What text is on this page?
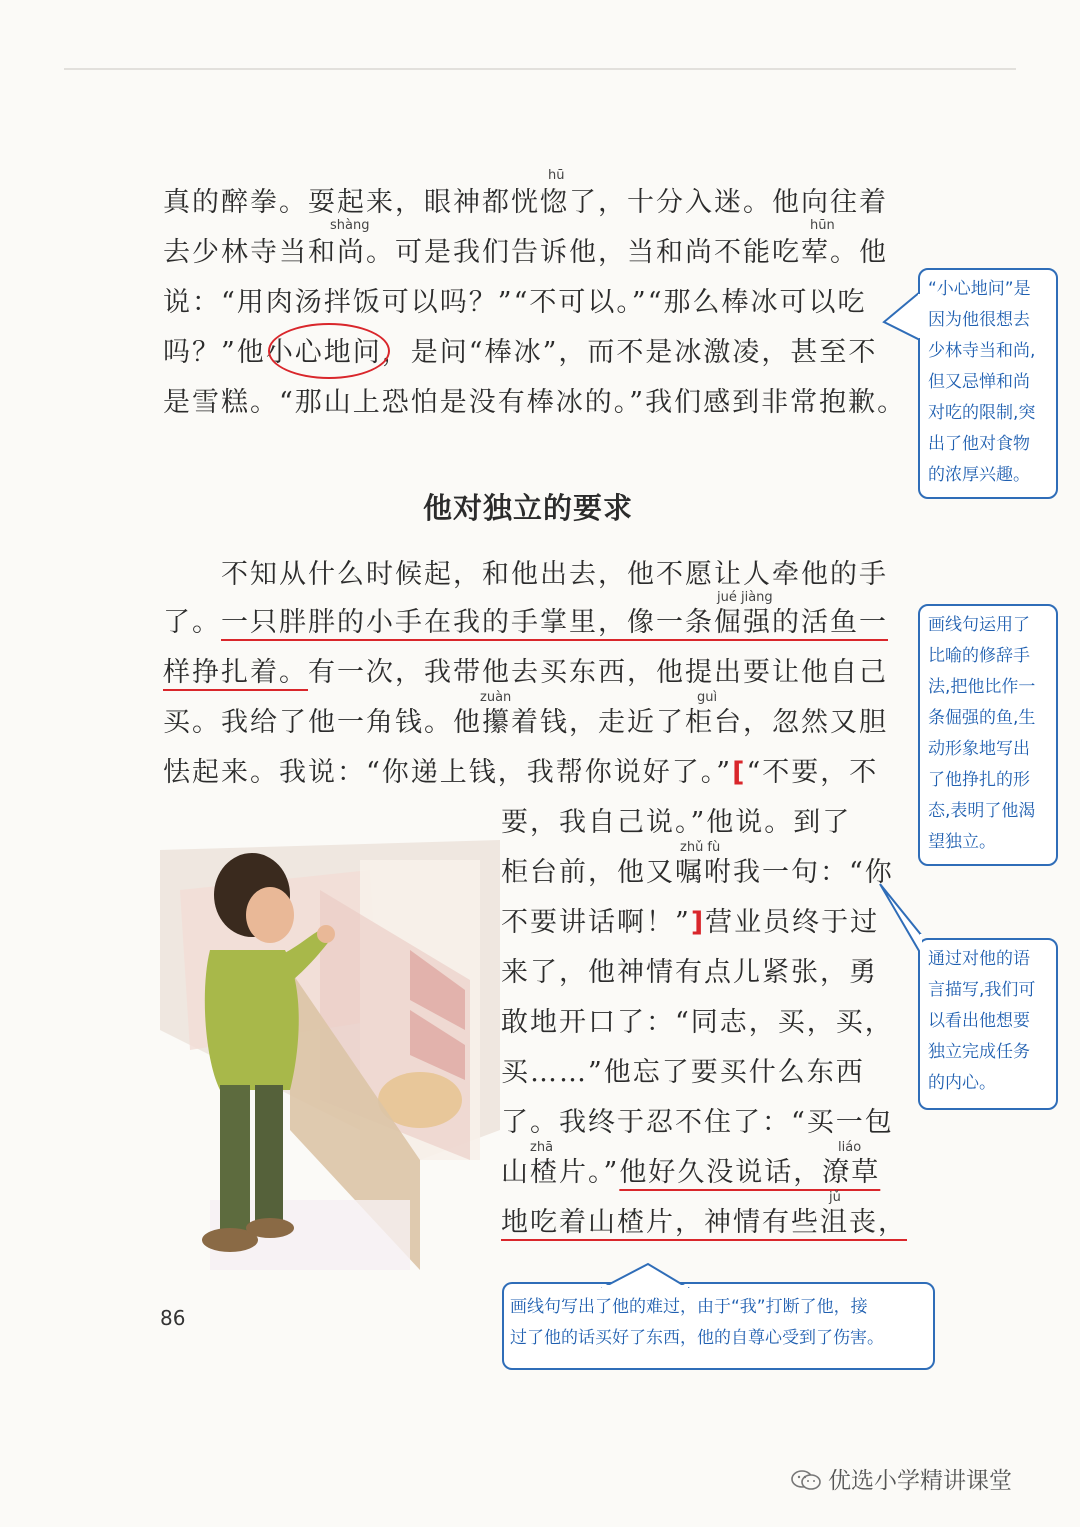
hū
真的醉拳。耍起来，眼神都恍惚了，十分入迷。他向往着
shàng	hūn
去少林寺当和尚。可是我们告诉他，当和尚不能吃荤。他
说：“用肉汤拌饭可以吗？”“不可以。”“那么棒冰可以吃
吗？”他小心地问，是问“棒冰”，而不是冰激凌，甚至不
是雪糕。“那山上恐怕是没有棒冰的。”我们感到非常抱歉。
他对独立的要求
不知从什么时候起，和他出去，他不愿让人牵他的手
jué jiàng
了。一只胖胖的小手在我的手掌里，像一条倔强的活鱼一
样挣扎着。有一次，我带他去买东西，他提出要让他自己
zuàn	guì
买。我给了他一角钱。他攥着钱，走近了柜台，忽然又胆
怯起来。我说：“你递上钱，我帮你说好了。”[“不要，不
要，我自己说。”他说。到了
zhǔ fù
柜台前，他又嘱咐我一句：“你
不要讲话啊！”]营业员终于过
来了，他神情有点儿紧张，勇
敢地开口了：“同志，买，买，
买……”他忘了要买什么东西
了。我终于忍不住了：“买一包
zhā	liáo
山楂片。”他好久没说话，潦草
jǔ
地吃着山楂片，神情有些沮丧，
“小心地问”是
因为他很想去
少林寺当和尚,
但又忌惮和尚
对吃的限制,突
出了他对食物
的浓厚兴趣。
画线句运用了
比喻的修辞手
法,把他比作一
条倔强的鱼,生
动形象地写出
了他挣扎的形
态,表明了他渴
望独立。
通过对他的语
言描写,我们可
以看出他想要
独立完成任务
的内心。
画线句写出了他的难过，由于“我”打断了他，接
过了他的话买好了东西，他的自尊心受到了伤害。
86
优选小学精讲课堂
